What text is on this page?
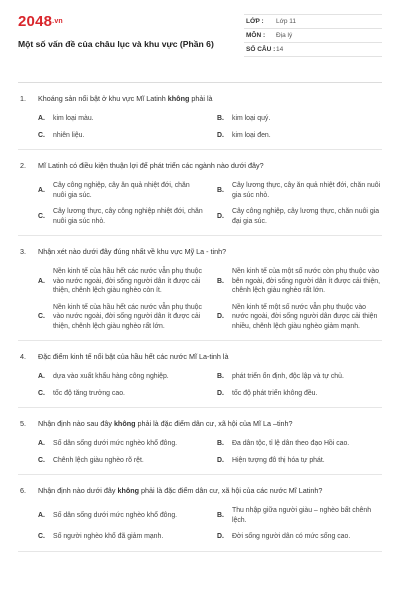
2048.vn
Một số vấn đề của châu lục và khu vực (Phần 6)
LỚP :	Lớp 11
MÔN :	Địa lý
SỐ CÂU : 14
1.	Khoáng sản nổi bật ở khu vực Mĩ Latinh không phải là
A.	kim loại màu.	B.	kim loại quý.
C.	nhiên liệu.	D.	kim loại đen.
2.	Mĩ Latinh có điều kiện thuận lợi để phát triển các ngành nào dưới đây?
A.
Cây công nghiệp, cây ăn quả nhiệt đới, chăn nuôi gia súc.
B.
Cây lương thực, cây ăn quả nhiệt đới, chăn nuôi gia súc nhỏ.
C.
Cây lương thực, cây công nghiệp nhiệt đới, chăn nuôi gia súc nhỏ.
D.
Cây công nghiệp, cây lương thực, chăn nuôi gia đại gia súc.
3.	Nhận xét nào dưới đây đúng nhất về khu vực Mỹ La - tinh?
A.
Nền kinh tế của hầu hết các nước vẫn phụ thuộc vào nước ngoài, đời sống người dân ít được cải thiện, chênh lệch giàu nghèo còn ít.
B.
Nền kinh tế của một số nước còn phụ thuộc vào bên ngoài, đời sống người dân ít được cải thiện, chênh lệch giàu nghèo rất lớn.
C.
Nền kinh tế của hầu hết các nước vẫn phụ thuộc vào nước ngoài, đời sống người dân ít được cải thiện, chênh lệch giàu nghèo rất lớn.
D.
Nền kinh tế một số nước vẫn phụ thuộc vào nước ngoài, đời sống người dân được cải thiện nhiều, chênh lệch giàu nghèo giảm mạnh.
4.	Đặc điểm kinh tế nổi bật của hầu hết các nước Mĩ La-tinh là
A.	dựa vào xuất khẩu hàng công nghiệp.	B.	phát triển ổn định, độc lập và tự chủ.
C.	tốc độ tăng trưởng cao.	D.	tốc độ phát triển không đều.
5.	Nhận định nào sau đây không phải là đặc điểm dân cư, xã hội của Mĩ La –tinh?
A.	Số dân sống dưới mức nghèo khổ đông.	B.	Đa dân tộc, tỉ lệ dân theo đạo Hồi cao.
C.	Chênh lệch giàu nghèo rõ rệt.	D.	Hiện tượng đô thị hóa tự phát.
6.	Nhận định nào dưới đây không phải là đặc điểm dân cư, xã hội của các nước Mĩ Latinh?
A.	Số dân sống dưới mức nghèo khổ đông.	B.
Thu nhập giữa người giàu – nghèo bất chênh lệch.
C.	Số người nghèo khổ đã giảm mạnh.	D.	Đời sống người dân có mức sống cao.
